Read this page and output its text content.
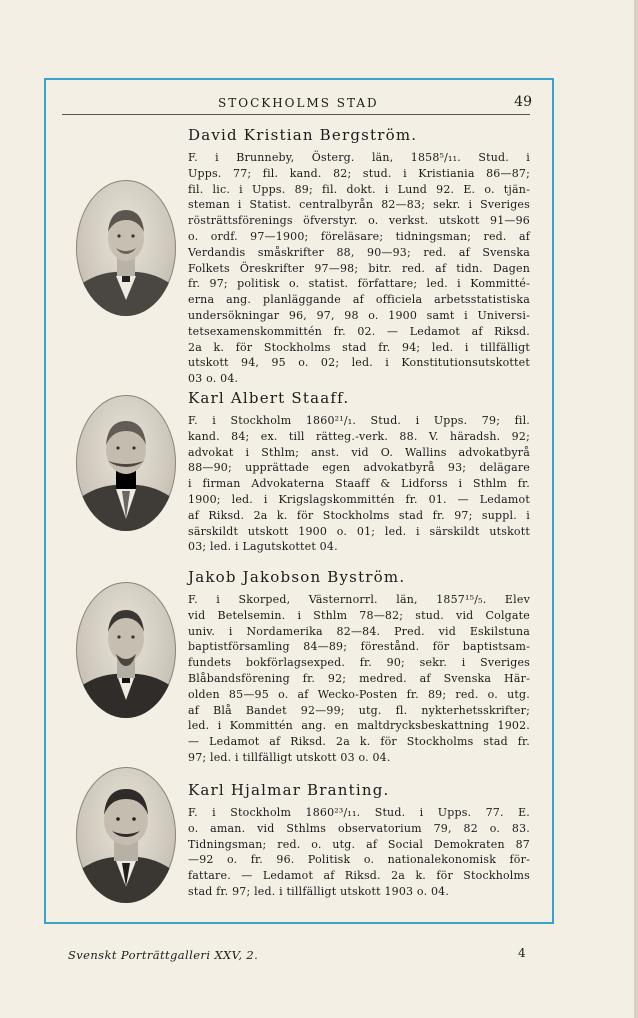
STOCKHOLMS STAD	49
David Kristian Bergström.
F. i Brunneby, Österg. län, 1858⁵/₁₁. Stud. i
Upps. 77; fil. kand. 82; stud. i Kristiania 86—87;
fil. lic. i Upps. 89; fil. dokt. i Lund 92. E. o. tjän-
steman i Statist. centralbyrån 82—83; sekr. i Sveriges
rösträttsförenings öfverstyr. o. verkst. utskott 91—96
o. ordf. 97—1900; föreläsare; tidningsman; red. af
Verdandis småskrifter 88, 90—93; red. af Svenska
Folkets Öreskrifter 97—98; bitr. red. af tidn. Dagen
fr. 97; politisk o. statist. författare; led. i Kommitté-
erna ang. planläggande af officiela arbetsstatistiska
undersökningar 96, 97, 98 o. 1900 samt i Universi-
tetsexamenskommittén fr. 02. — Ledamot af Riksd.
2a k. för Stockholms stad fr. 94; led. i tillfälligt
utskott 94, 95 o. 02; led. i Konstitutionsutskottet
03 o. 04.
Karl Albert Staaff.
F. i Stockholm 1860²¹/₁. Stud. i Upps. 79; fil.
kand. 84; ex. till rätteg.-verk. 88. V. häradsh. 92;
advokat i Sthlm; anst. vid O. Wallins advokatbyrå
88—90; upprättade egen advokatbyrå 93; delägare
i firman Advokaterna Staaff & Lidforss i Sthlm fr.
1900; led. i Krigslagskommittén fr. 01. — Ledamot
af Riksd. 2a k. för Stockholms stad fr. 97; suppl. i
särskildt utskott 1900 o. 01; led. i särskildt utskott
03; led. i Lagutskottet 04.
Jakob Jakobson Byström.
F. i Skorped, Västernorrl. län, 1857¹⁵/₅. Elev
vid Betelsemin. i Sthlm 78—82; stud. vid Colgate
univ. i Nordamerika 82—84. Pred. vid Eskilstuna
baptistförsamling 84—89; förestånd. för baptistsam-
fundets bokförlagsexped. fr. 90; sekr. i Sveriges
Blåbandsförening fr. 92; medred. af Svenska Här-
olden 85—95 o. af Wecko-Posten fr. 89; red. o. utg.
af Blå Bandet 92—99; utg. fl. nykterhetsskrifter;
led. i Kommittén ang. en maltdrycksbeskattning 1902.
— Ledamot af Riksd. 2a k. för Stockholms stad fr.
97; led. i tillfälligt utskott 03 o. 04.
Karl Hjalmar Branting.
F. i Stockholm 1860²³/₁₁. Stud. i Upps. 77. E.
o. aman. vid Sthlms observatorium 79, 82 o. 83.
Tidningsman; red. o. utg. af Social Demokraten 87
—92 o. fr. 96. Politisk o. nationalekonomisk för-
fattare. — Ledamot af Riksd. 2a k. för Stockholms
stad fr. 97; led. i tillfälligt utskott 1903 o. 04.
Svenskt Porträttgalleri XXV, 2.	4
